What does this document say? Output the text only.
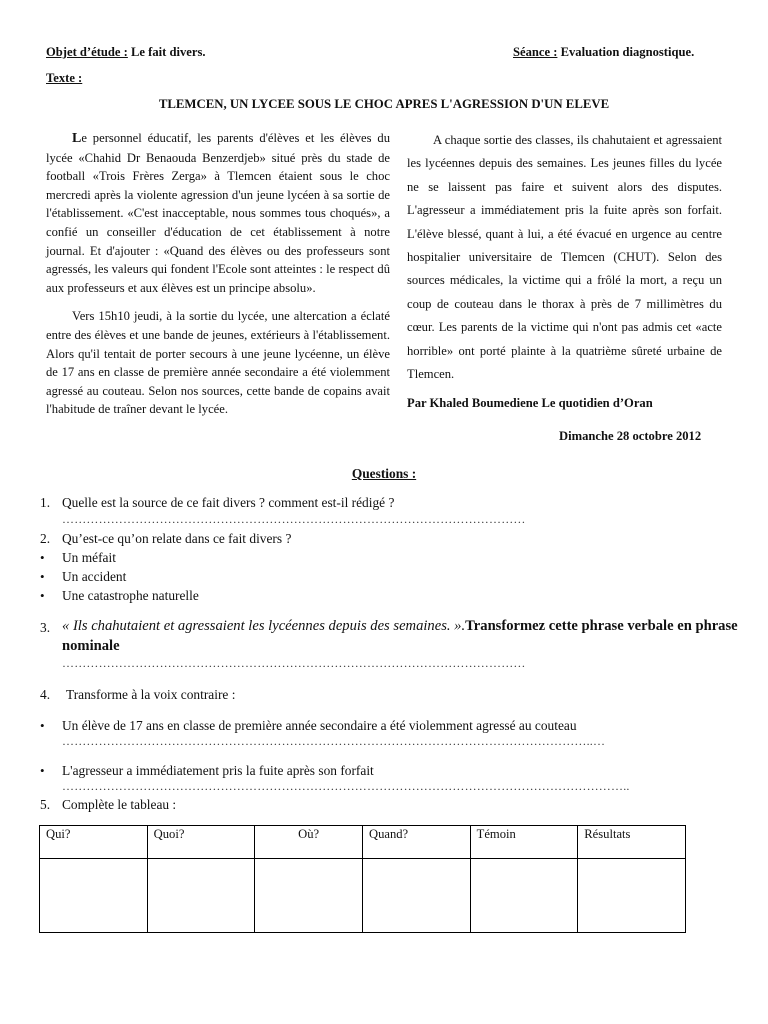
Objet d’étude : Le fait divers.	Séance : Evaluation diagnostique.
Texte :
TLEMCEN, UN LYCEE SOUS LE CHOC APRES L'AGRESSION D'UN ELEVE

Le personnel éducatif, les parents d'élèves et les élèves du lycée «Chahid Dr Benaouda Benzerdjeb» situé près du stade de football «Trois Frères Zerga» à Tlemcen étaient sous le choc mercredi après la violente agression d'un jeune lycéen à sa sortie de l'établissement. «C'est inacceptable, nous sommes tous choqués», a confié un conseiller d'éducation de cet établissement à notre journal. Et d'ajouter : «Quand des élèves ou des professeurs sont agressés, les valeurs qui fondent l'Ecole sont atteintes : le respect dû aux professeurs et aux élèves est un principe absolu».

Vers 15h10 jeudi, à la sortie du lycée, une altercation a éclaté entre des élèves et une bande de jeunes, extérieurs à l'établissement. Alors qu'il tentait de porter secours à une jeune lycéenne, un élève de 17 ans en classe de première année secondaire a été violemment agressé au couteau. Selon nos sources, cette bande de copains avait l'habitude de traîner devant le lycée.

A chaque sortie des classes, ils chahutaient et agressaient les lycéennes depuis des semaines. Les jeunes filles du lycée ne se laissent pas faire et suivent alors des disputes. L'agresseur a immédiatement pris la fuite après son forfait. L'élève blessé, quant à lui, a été évacué en urgence au centre hospitalier universitaire de Tlemcen (CHUT). Selon des sources médicales, la victime qui a frôlé la mort, a reçu un coup de couteau dans le thorax à près de 7 millimètres du cœur. Les parents de la victime qui n'ont pas admis cet «acte horrible» ont porté plainte à la quatrième sûreté urbaine de Tlemcen.

Par Khaled Boumediene Le quotidien d’Oran
Dimanche 28 octobre 2012
Questions :
1. Quelle est la source de ce fait divers ? comment est-il rédigé ?
……………………………………………………………………………………………………
2. Qu’est-ce qu’on relate dans ce fait divers ?
• Un méfait
• Un accident
• Une catastrophe naturelle
3. « Ils chahutaient et agressaient les lycéennes depuis des semaines. ».Transformez cette phrase verbale en phrase nominale
……………………………………………………………………………………………………
4. Transforme à la voix contraire :
• Un élève de 17 ans en classe de première année secondaire a été violemment agressé au couteau
…………………………………………………………………………………………………………………..…
• L'agresseur a immédiatement pris la fuite après son forfait
…………………………………………………………………………………………………………………………..
5. Complète le tableau :
Qui?	Quoi?	Où?	Quand?	Témoin	Résultats
